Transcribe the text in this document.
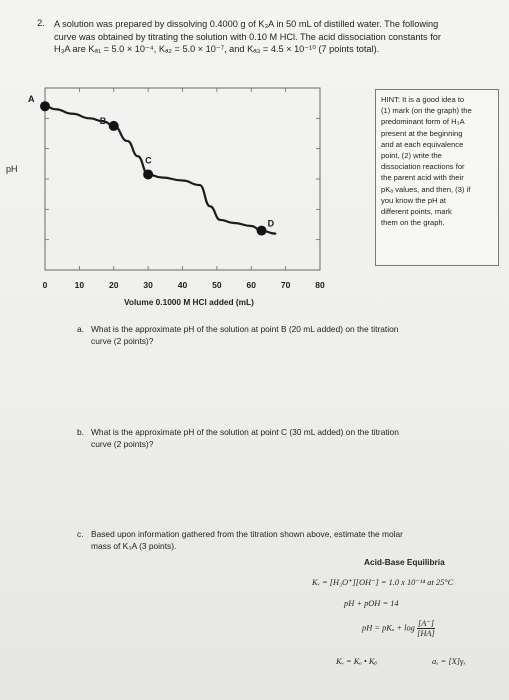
2. A solution was prepared by dissolving 0.4000 g of K₃A in 50 mL of distilled water. The following

curve was obtained by titrating the solution with 0.10 M HCl. The acid dissociation constants for

H₃A are Kₐ₁ = 5.0 × 10⁻⁴, Kₐ₂ = 5.0 × 10⁻⁷, and Kₐ₃ = 4.5 × 10⁻¹⁰ (7 points total).

pH
A
B
C
D
0	10	20	30	40	50	60	70	80
Volume 0.1000 M HCl added (mL)
HINT: It is a good idea to
(1) mark (on the graph) the
predominant form of H₃A
present at the beginning
and at each equivalence
point, (2) write the
dissociation reactions for
the parent acid with their
pKₐ values, and then, (3) if
you know the pH at
different points, mark
them on the graph.
a. What is the approximate pH of the solution at point B (20 mL added) on the titration
curve (2 points)?
b. What is the approximate pH of the solution at point C (30 mL added) on the titration
curve (2 points)?
c. Based upon information gathered from the titration shown above, estimate the molar
mass of K₃A (3 points).
Acid-Base Equilibria
Kᵥ = [H₃O⁺][OH⁻] = 1.0 x 10⁻¹⁴ at 25°C
pH + pOH = 14
pH = $pK_a + \log \frac{[A^-]}{[HA]}$
Kᵥ = Kₐ • Kᵦ	aₓ = [X]γₓ
